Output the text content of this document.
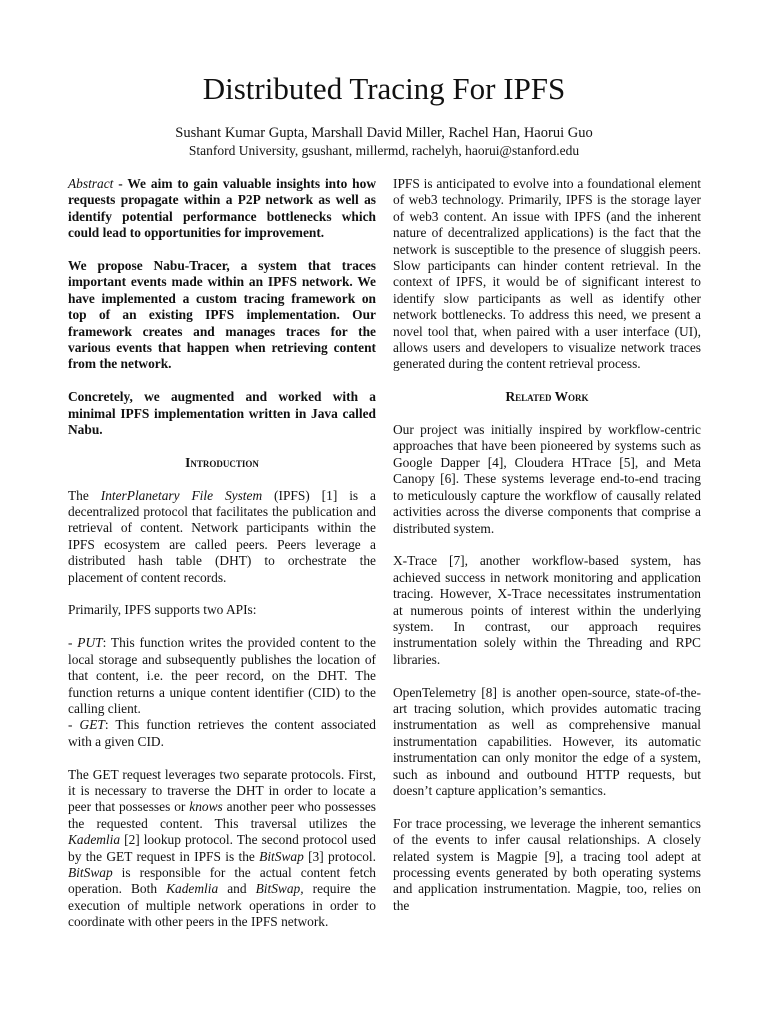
Distributed Tracing For IPFS
Sushant Kumar Gupta, Marshall David Miller, Rachel Han, Haorui Guo
Stanford University, gsushant, millermd, rachelyh, haorui@stanford.edu

Abstract - We aim to gain valuable insights into how requests propagate within a P2P network as well as identify potential performance bottlenecks which could lead to opportunities for improvement.

We propose Nabu-Tracer, a system that traces important events made within an IPFS network. We have implemented a custom tracing framework on top of an existing IPFS implementation. Our framework creates and manages traces for the various events that happen when retrieving content from the network.

Concretely, we augmented and worked with a minimal IPFS implementation written in Java called Nabu.

Introduction

The InterPlanetary File System (IPFS) [1] is a decentralized protocol that facilitates the publication and retrieval of content. Network participants within the IPFS ecosystem are called peers. Peers leverage a distributed hash table (DHT) to orchestrate the placement of content records.

Primarily, IPFS supports two APIs:

- PUT: This function writes the provided content to the local storage and subsequently publishes the location of that content, i.e. the peer record, on the DHT. The function returns a unique content identifier (CID) to the calling client.

- GET: This function retrieves the content associated with a given CID.

The GET request leverages two separate protocols. First, it is necessary to traverse the DHT in order to locate a peer that possesses or knows another peer who possesses the requested content. This traversal utilizes the Kademlia [2] lookup protocol. The second protocol used by the GET request in IPFS is the BitSwap [3] protocol. BitSwap is responsible for the actual content fetch operation. Both Kademlia and BitSwap, require the execution of multiple network operations in order to coordinate with other peers in the IPFS network.

IPFS is anticipated to evolve into a foundational element of web3 technology. Primarily, IPFS is the storage layer of web3 content. An issue with IPFS (and the inherent nature of decentralized applications) is the fact that the network is susceptible to the presence of sluggish peers. Slow participants can hinder content retrieval. In the context of IPFS, it would be of significant interest to identify slow participants as well as identify other network bottlenecks. To address this need, we present a novel tool that, when paired with a user interface (UI), allows users and developers to visualize network traces generated during the content retrieval process.

Related Work

Our project was initially inspired by workflow-centric approaches that have been pioneered by systems such as Google Dapper [4], Cloudera HTrace [5], and Meta Canopy [6]. These systems leverage end-to-end tracing to meticulously capture the workflow of causally related activities across the diverse components that comprise a distributed system.

X-Trace [7], another workflow-based system, has achieved success in network monitoring and application tracing. However, X-Trace necessitates instrumentation at numerous points of interest within the underlying system. In contrast, our approach requires instrumentation solely within the Threading and RPC libraries.

OpenTelemetry [8] is another open-source, state-of-the-art tracing solution, which provides automatic tracing instrumentation as well as comprehensive manual instrumentation capabilities. However, its automatic instrumentation can only monitor the edge of a system, such as inbound and outbound HTTP requests, but doesn’t capture application’s semantics.

For trace processing, we leverage the inherent semantics of the events to infer causal relationships. A closely related system is Magpie [9], a tracing tool adept at processing events generated by both operating systems and application instrumentation. Magpie, too, relies on the
